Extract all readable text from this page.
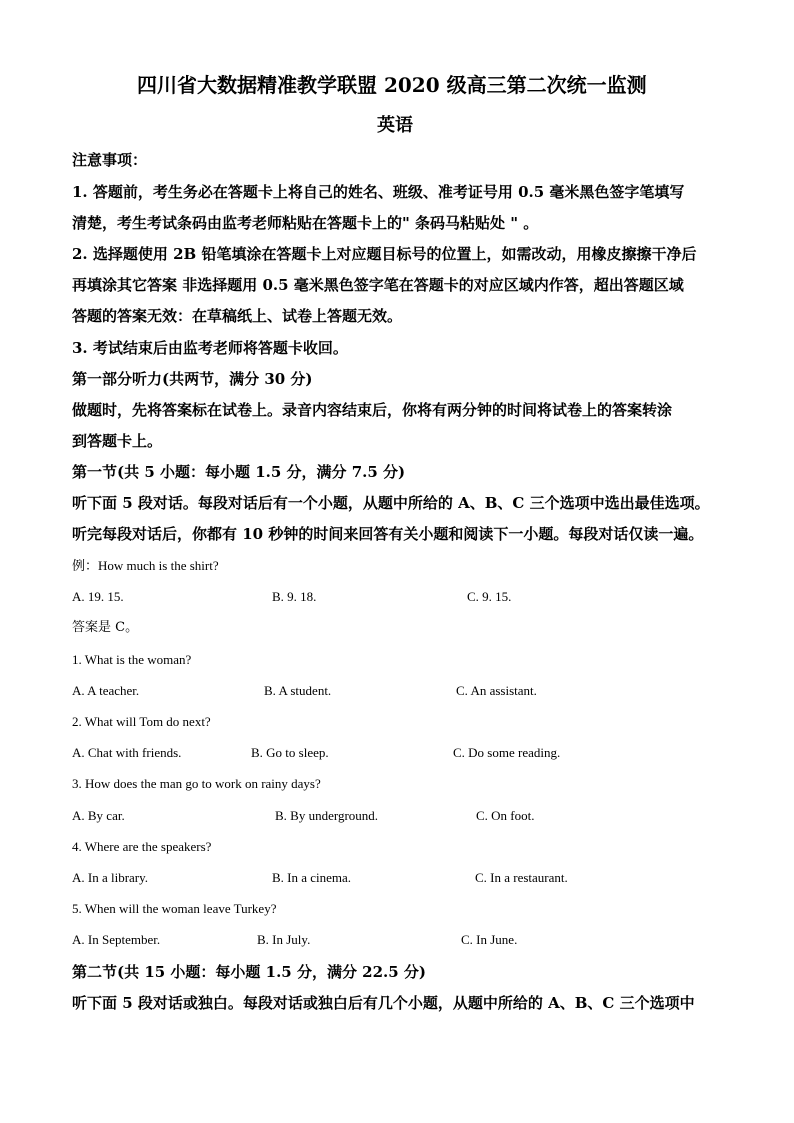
四川省大数据精准教学联盟 2020 级高三第二次统一监测
英语
注意事项：
1. 答题前，考生务必在答题卡上将自己的姓名、班级、准考证号用 0.5 毫米黑色签字笔填写
清楚，考生考试条码由监考老师粘贴在答题卡上的" 条码马粘贴处 " 。
2. 选择题使用 2B 铅笔填涂在答题卡上对应题目标号的位置上，如需改动，用橡皮擦擦干净后
再填涂其它答案 非选择题用 0.5 毫米黑色签字笔在答题卡的对应区域内作答，超出答题区域
答题的答案无效：在草稿纸上、试卷上答题无效。
3. 考试结束后由监考老师将答题卡收回。
第一部分听力(共两节，满分 30 分)
做题时，先将答案标在试卷上。录音内容结束后，你将有两分钟的时间将试卷上的答案转涂
到答题卡上。
第一节(共 5 小题：每小题 1.5 分，满分 7.5 分)
听下面 5 段对话。每段对话后有一个小题，从题中所给的 A、B、C 三个选项中选出最佳选项。
听完每段对话后，你都有 10 秒钟的时间来回答有关小题和阅读下一小题。每段对话仅读一遍。
例：How much is the shirt?
A. 19. 15.	B. 9. 18.	C. 9. 15.
答案是 C。
1. What is the woman?
A. A teacher.	B. A student.	C. An assistant.
2. What will Tom do next?
A. Chat with friends.	B. Go to sleep.	C. Do some reading.
3. How does the man go to work on rainy days?
A. By car.	B. By underground.	C. On foot.
4. Where are the speakers?
A. In a library.	B. In a cinema.	C. In a restaurant.
5. When will the woman leave Turkey?
A. In September.	B. In July.	C. In June.
第二节(共 15 小题：每小题 1.5 分，满分 22.5 分)
听下面 5 段对话或独白。每段对话或独白后有几个小题，从题中所给的 A、B、C 三个选项中
